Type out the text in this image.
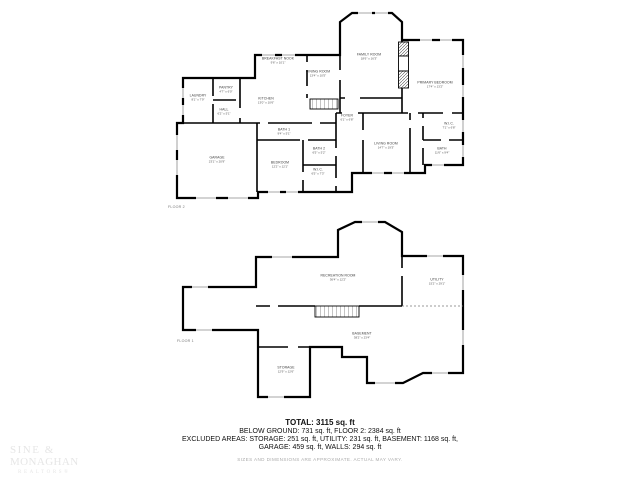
BREAKFAST NOOK
9'6" x 10'1"
DINING ROOM
13'4" x 10'5"
FAMILY ROOM
18'6" x 16'3"
PRIMARY BEDROOM
17'4" x 13'2"
KITCHEN
13'0" x 10'6"
PANTRY
4'7" x 6'0"
LAUNDRY
8'1" x 7'9"
HALL
6'2" x 5'1"
GARAGE
23'1" x 20'9"
BATH 1
9'4" x 5'1"
BEDROOM
12'2" x 12'1"
BATH 2
6'5" x 5'2"
W.I.C.
6'5" x 7'3"
FOYER
6'1" x 6'8"
LIVING ROOM
14'7" x 19'3"
W.I.C.
7'1" x 6'8"
BATH
11'6" x 9'4"
RECREATION ROOM
36'4" x 12'2"	UTILITY
15'2" x 29'1"
BASEMENT
38'2" x 23'4"
STORAGE
12'9" x 12'6"
FLOOR 2
FLOOR 1
TOTAL: 3115 sq. ft
BELOW GROUND: 731 sq. ft, FLOOR 2: 2384 sq. ft
EXCLUDED AREAS: STORAGE: 251 sq. ft, UTILITY: 231 sq. ft, BASEMENT: 1168 sq. ft,
GARAGE: 459 sq. ft, WALLS: 294 sq. ft
SIZES AND DIMENSIONS ARE APPROXIMATE. ACTUAL MAY VARY.
SINE &
MONAGHAN
REALTORS®
